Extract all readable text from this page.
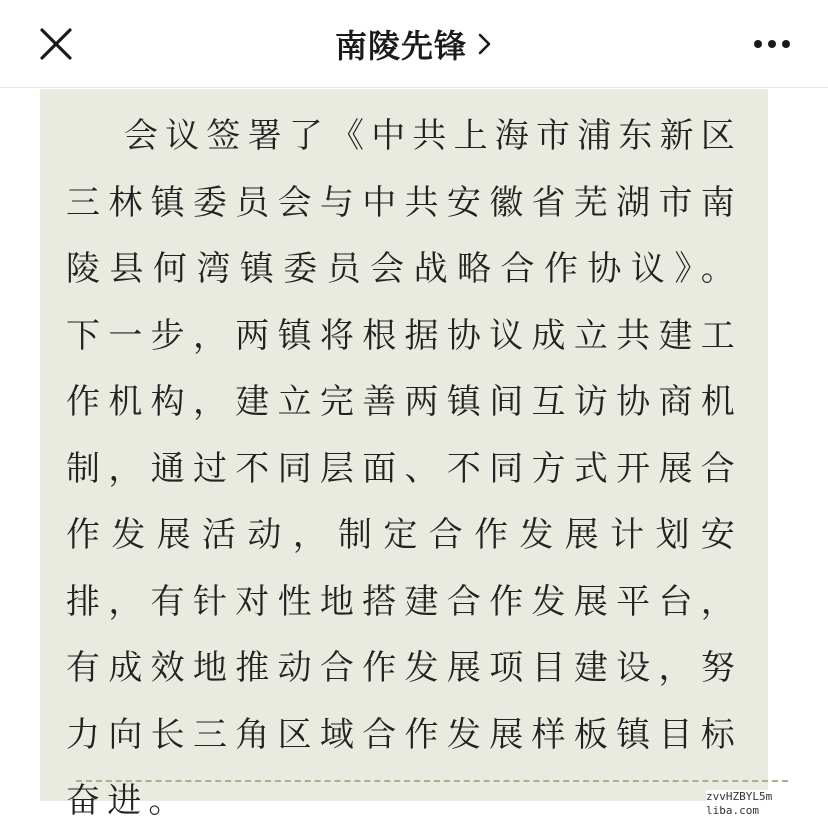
南陵先锋

会议签署了《中共上海市浦东新区三林镇委员会与中共安徽省芜湖市南陵县何湾镇委员会战略合作协议》。下一步，两镇将根据协议成立共建工作机构，建立完善两镇间互访协商机制，通过不同层面、不同方式开展合作发展活动，制定合作发展计划安排，有针对性地搭建合作发展平台，有成效地推动合作发展项目建设，努力向长三角区域合作发展样板镇目标奋进。	zvvHZBYL5m
liba.com
